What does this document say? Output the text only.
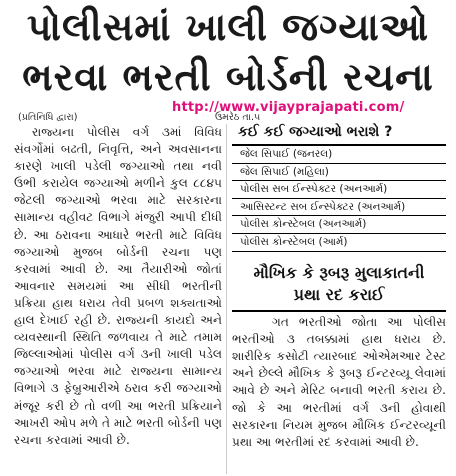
પોલીસમાં ખાલી જગ્યાઓ
ભરવા ભરતી બોર્ડની રચના
http://www.vijayprajapati.com/
(પ્રતિનિધિ દ્વારા)	ઉમરેઠ તા.૫

રાજ્યના પોલીસ વર્ગ ૩માં વિવિધ સંવર્ગોમાં બઢતી, નિવૃત્તિ, અને અવસાનના કારણે ખાલી પડેલી જગ્યાઓ તથા નવી ઉભી કરાયેલ જગ્યાઓ મળીને કુલ ૮૮૪૫ જેટલી જગ્યાઓ ભરવા માટે સરકારના સામાન્ય વહીવટ વિભાગે મંજુરી આપી દીધી છે. આ ઠરાવના આધારે ભરતી માટે વિવિધ જગ્યાઓ મુજબ બોર્ડની રચના પણ કરવામાં આવી છે. આ તૈયારીઓ જોતાં આવનાર સમયમાં આ સીધી ભરતીની પ્રક્રિયા હાથ ધરાય તેવી પ્રબળ શક્યતાઓ હાલ દેખાઈ રહી છે. રાજ્યની કાયદો અને વ્યવસ્થાની સ્થિતિ જળવાય તે માટે તમામ જિલ્લાઓમાં પોલીસ વર્ગ ૩ની ખાલી પડેલ જગ્યાઓ ભરવા માટે રાજ્યના સામાન્ય વિભાગે ૩ ફેબ્રુઆરીએ ઠરાવ કરી જગ્યાઓ મંજૂર કરી છે તો વળી આ ભરતી પ્રક્રિયાને આખરી ઓપ મળે તે માટે ભરતી બોર્ડની પણ રચના કરવામાં આવી છે.

કઈ કઈ જગ્યાઓ ભરાશે ?
જેલ સિપાઈ (જનરલ)
જેલ સિપાઈ (મહિલા)
પોલીસ સબ ઈન્સ્પેક્ટર (અનઆર્મ)
આસિસ્ટન્ટ સબ ઈન્સ્પેક્ટર (અનઆર્મ)
પોલીસ કોન્સ્ટેબલ (અનઆર્મ)
પોલીસ કોન્સ્ટેબલ (આર્મ)
મૌખિક કે રૂબરૂ મુલાકાતની
પ્રથા રદ કરાઈ

ગત ભરતીઓ જોતા આ પોલીસ ભરતીઓ ૩ તબક્કામાં હાથ ધરાય છે. શારીરિક કસોટી ત્યારબાદ ઓએમઆર ટેસ્ટ અને છેલ્લે મૌખિક કે રૂબરૂ ઈન્ટરવ્યૂ લેવામાં આવે છે અને મેરિટ બનાવી ભરતી કરાય છે. જો કે આ ભરતીમાં વર્ગ ૩ની હોવાથી સરકારના નિયમ મુજબ મૌખિક ઈન્ટરવ્યૂની પ્રથા આ ભરતીમાં રદ કરવામાં આવી છે.
